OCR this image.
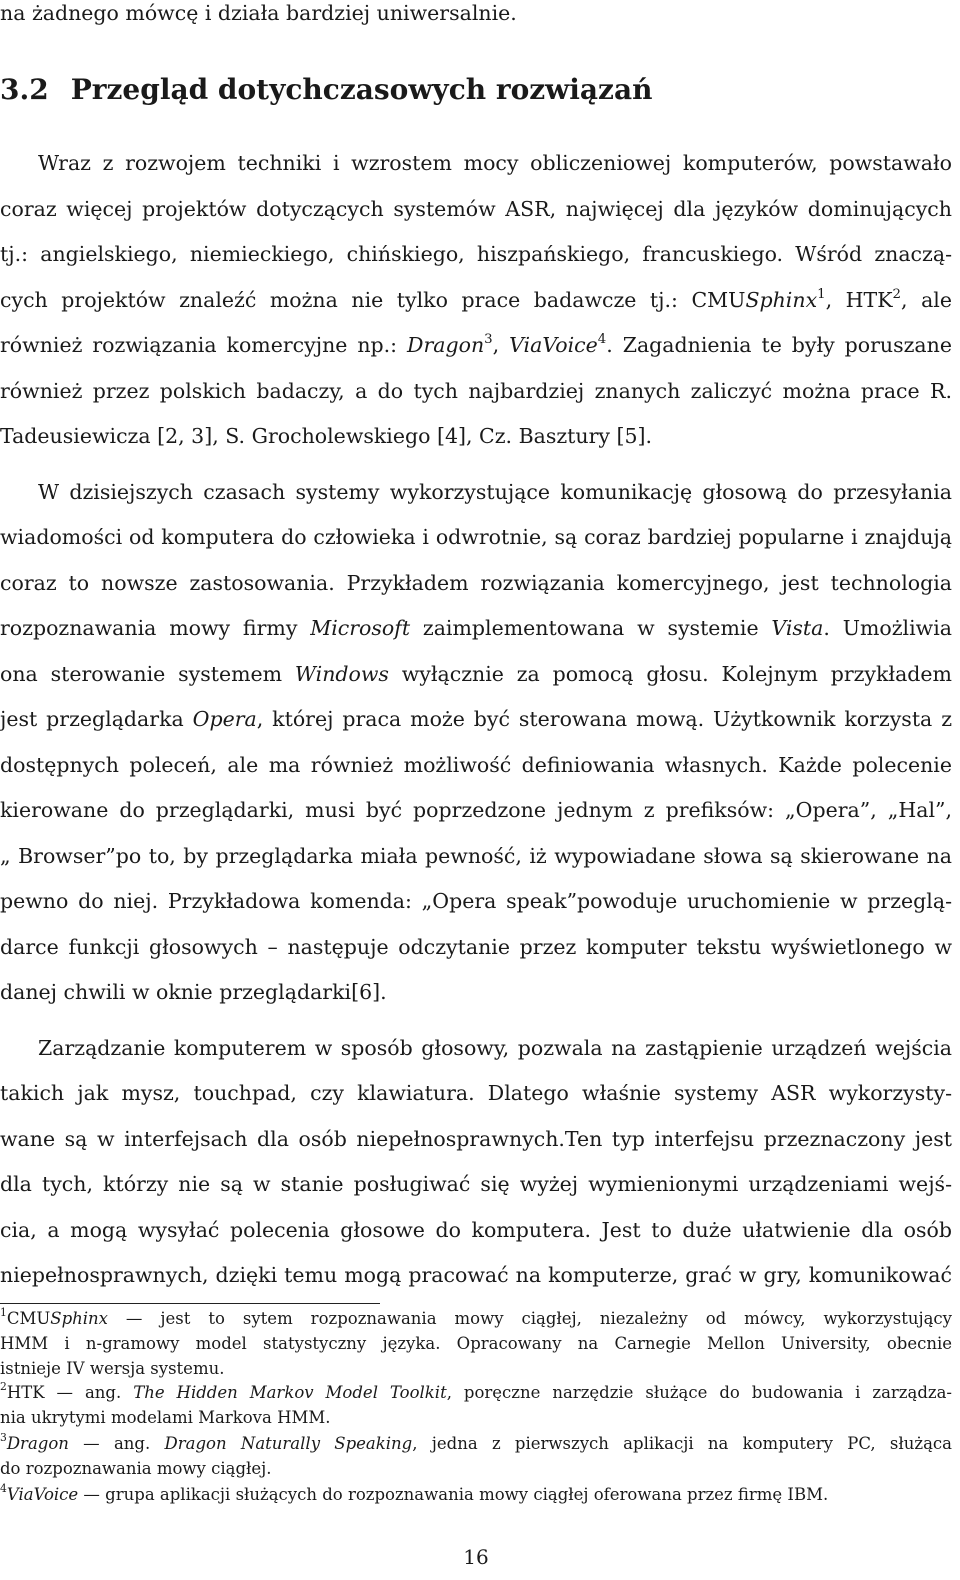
na żadnego mówcę i działa bardziej uniwersalnie.
3.2 Przegląd dotychczasowych rozwiązań
Wraz z rozwojem techniki i wzrostem mocy obliczeniowej komputerów, powstawało
coraz więcej projektów dotyczących systemów ASR, najwięcej dla języków dominujących
tj.: angielskiego, niemieckiego, chińskiego, hiszpańskiego, francuskiego. Wśród znaczą-
cych projektów znaleźć można nie tylko prace badawcze tj.: CMUSphinx$^1$, HTK$^2$, ale
również rozwiązania komercyjne np.: Dragon$^3$, ViaVoice$^4$. Zagadnienia te były poruszane
również przez polskich badaczy, a do tych najbardziej znanych zaliczyć można prace R.
Tadeusiewicza [2, 3], S. Grocholewskiego [4], Cz. Basztury [5].
W dzisiejszych czasach systemy wykorzystujące komunikację głosową do przesyłania
wiadomości od komputera do człowieka i odwrotnie, są coraz bardziej popularne i znajdują
coraz to nowsze zastosowania. Przykładem rozwiązania komercyjnego, jest technologia
rozpoznawania mowy firmy Microsoft zaimplementowana w systemie Vista. Umożliwia
ona sterowanie systemem Windows wyłącznie za pomocą głosu. Kolejnym przykładem
jest przeglądarka Opera, której praca może być sterowana mową. Użytkownik korzysta z
dostępnych poleceń, ale ma również możliwość definiowania własnych. Każde polecenie
kierowane do przeglądarki, musi być poprzedzone jednym z prefiksów: „Opera”, „Hal”,
„ Browser”po to, by przeglądarka miała pewność, iż wypowiadane słowa są skierowane na
pewno do niej. Przykładowa komenda: „Opera speak”powoduje uruchomienie w przeglą-
darce funkcji głosowych – następuje odczytanie przez komputer tekstu wyświetlonego w
danej chwili w oknie przeglądarki[6].
Zarządzanie komputerem w sposób głosowy, pozwala na zastąpienie urządzeń wejścia
takich jak mysz, touchpad, czy klawiatura. Dlatego właśnie systemy ASR wykorzysty-
wane są w interfejsach dla osób niepełnosprawnych.Ten typ interfejsu przeznaczony jest
dla tych, którzy nie są w stanie posługiwać się wyżej wymienionymi urządzeniami wejś-
cia, a mogą wysyłać polecenia głosowe do komputera. Jest to duże ułatwienie dla osób
niepełnosprawnych, dzięki temu mogą pracować na komputerze, grać w gry, komunikować
$^1$CMUSphinx — jest to sytem rozpoznawania mowy ciągłej, niezależny od mówcy, wykorzystujący
HMM i n-gramowy model statystyczny języka. Opracowany na Carnegie Mellon University, obecnie
istnieje IV wersja systemu.
$^2$HTK — ang. The Hidden Markov Model Toolkit, poręczne narzędzie służące do budowania i zarządza-
nia ukrytymi modelami Markova HMM.
$^3$Dragon — ang. Dragon Naturally Speaking, jedna z pierwszych aplikacji na komputery PC, służąca
do rozpoznawania mowy ciągłej.
$^4$ViaVoice — grupa aplikacji służących do rozpoznawania mowy ciągłej oferowana przez firmę IBM.
16
